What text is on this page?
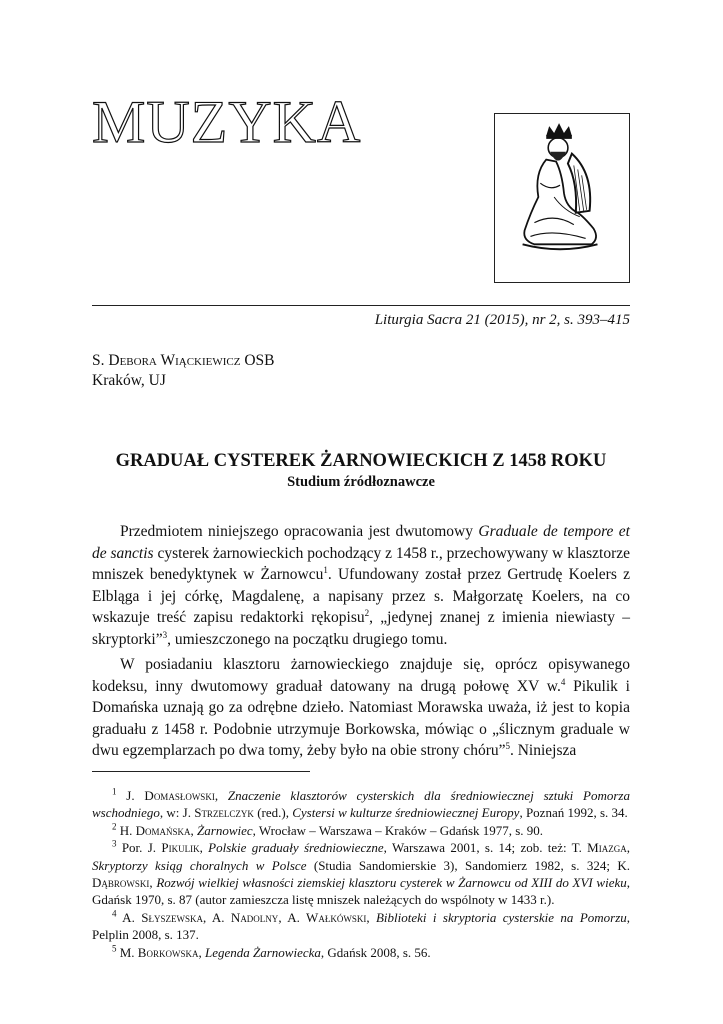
MUZYKA
Liturgia Sacra 21 (2015), nr 2, s. 393–415
S. Debora Wiąckiewicz OSB
Kraków, UJ
GRADUAŁ CYSTEREK ŻARNOWIECKICH Z 1458 ROKU
Studium źródłoznawcze

Przedmiotem niniejszego opracowania jest dwutomowy Graduale de tempore et de sanctis cysterek żarnowieckich pochodzący z 1458 r., przechowywany w klasztorze mniszek benedyktynek w Żarnowcu$^1$. Ufundowany został przez Gertrudę Koelers z Elbląga i jej córkę, Magdalenę, a napisany przez s. Małgorzatę Koelers, na co wskazuje treść zapisu redaktorki rękopisu$^2$, „jedynej znanej z imienia niewiasty – skryptorki”$^3$, umieszczonego na początku drugiego tomu.

W posiadaniu klasztoru żarnowieckiego znajduje się, oprócz opisywanego kodeksu, inny dwutomowy graduał datowany na drugą połowę XV w.$^4$ Pikulik i Domańska uznają go za odrębne dzieło. Natomiast Morawska uważa, iż jest to kopia graduału z 1458 r. Podobnie utrzymuje Borkowska, mówiąc o „ślicznym graduale w dwu egzemplarzach po dwa tomy, żeby było na obie strony chóru”$^5$. Niniejsza

$^1$ J. Domasłowski, Znaczenie klasztorów cysterskich dla średniowiecznej sztuki Pomorza wschodniego, w: J. Strzelczyk (red.), Cystersi w kulturze średniowiecznej Europy, Poznań 1992, s. 34.

$^2$ H. Domańska, Żarnowiec, Wrocław – Warszawa – Kraków – Gdańsk 1977, s. 90.

$^3$ Por. J. Pikulik, Polskie graduały średniowieczne, Warszawa 2001, s. 14; zob. też: T. Miazga, Skryptorzy ksiąg choralnych w Polsce (Studia Sandomierskie 3), Sandomierz 1982, s. 324; K. Dąbrowski, Rozwój wielkiej własności ziemskiej klasztoru cysterek w Żarnowcu od XIII do XVI wieku, Gdańsk 1970, s. 87 (autor zamieszcza listę mniszek należących do wspólnoty w 1433 r.).

$^4$ A. Słyszewska, A. Nadolny, A. Wałkówski, Biblioteki i skryptoria cysterskie na Pomorzu, Pelplin 2008, s. 137.

$^5$ M. Borkowska, Legenda Żarnowiecka, Gdańsk 2008, s. 56.
